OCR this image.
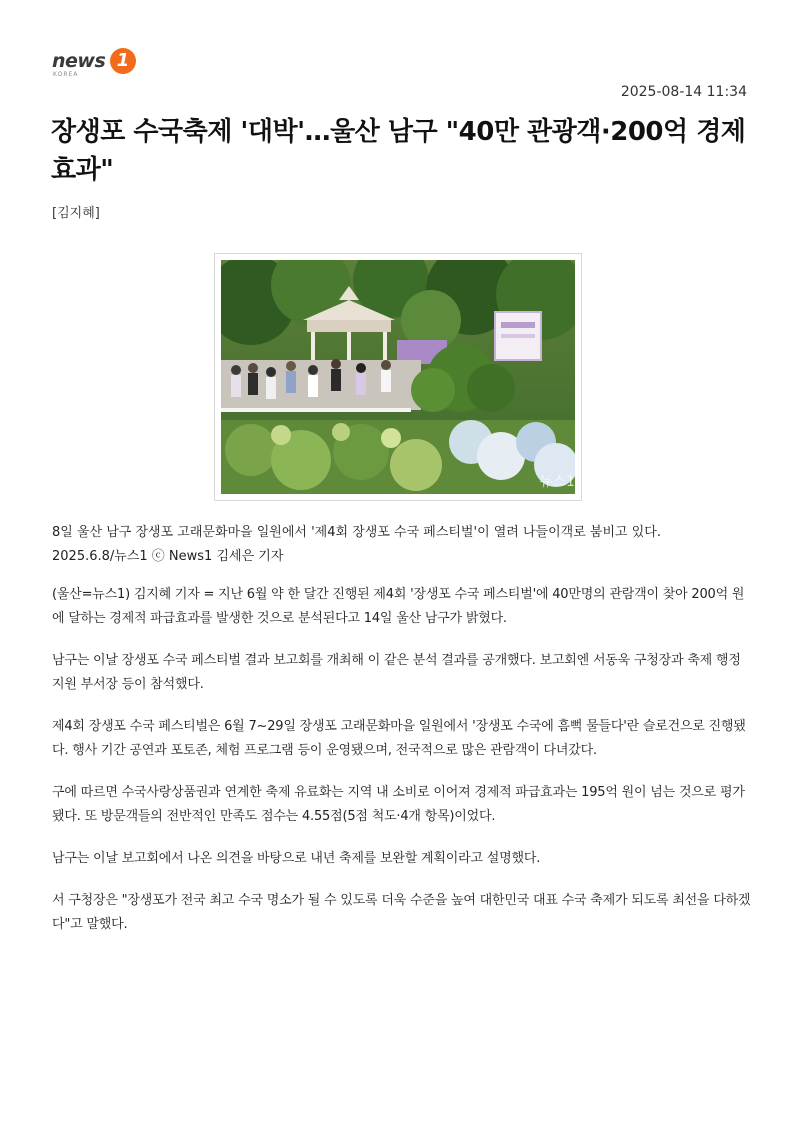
news 1
KOREA
2025-08-14 11:34
장생포 수국축제 '대박'…울산 남구 "40만 관광객·200억 경제 효과"
[김지혜]
뉴스1
8일 울산 남구 장생포 고래문화마을 일원에서 '제4회 장생포 수국 페스티벌'이 열려 나들이객로 붐비고 있다.
2025.6.8/뉴스1 ⓒ News1 김세은 기자

(울산=뉴스1) 김지혜 기자 = 지난 6월 약 한 달간 진행된 제4회 '장생포 수국 페스티벌'에 40만명의 관람객이 찾아 200억 원에 달하는 경제적 파급효과를 발생한 것으로 분석된다고 14일 울산 남구가 밝혔다.

남구는 이날 장생포 수국 페스티벌 결과 보고회를 개최해 이 같은 분석 결과를 공개했다. 보고회엔 서동욱 구청장과 축제 행정지원 부서장 등이 참석했다.

제4회 장생포 수국 페스티벌은 6월 7~29일 장생포 고래문화마을 일원에서 '장생포 수국에 흠뻑 물들다'란 슬로건으로 진행됐다. 행사 기간 공연과 포토존, 체험 프로그램 등이 운영됐으며, 전국적으로 많은 관람객이 다녀갔다.

구에 따르면 수국사랑상품권과 연계한 축제 유료화는 지역 내 소비로 이어져 경제적 파급효과는 195억 원이 넘는 것으로 평가됐다. 또 방문객들의 전반적인 만족도 점수는 4.55점(5점 척도·4개 항목)이었다.

남구는 이날 보고회에서 나온 의견을 바탕으로 내년 축제를 보완할 계획이라고 설명했다.

서 구청장은 "장생포가 전국 최고 수국 명소가 될 수 있도록 더욱 수준을 높여 대한민국 대표 수국 축제가 되도록 최선을 다하겠다"고 말했다.
